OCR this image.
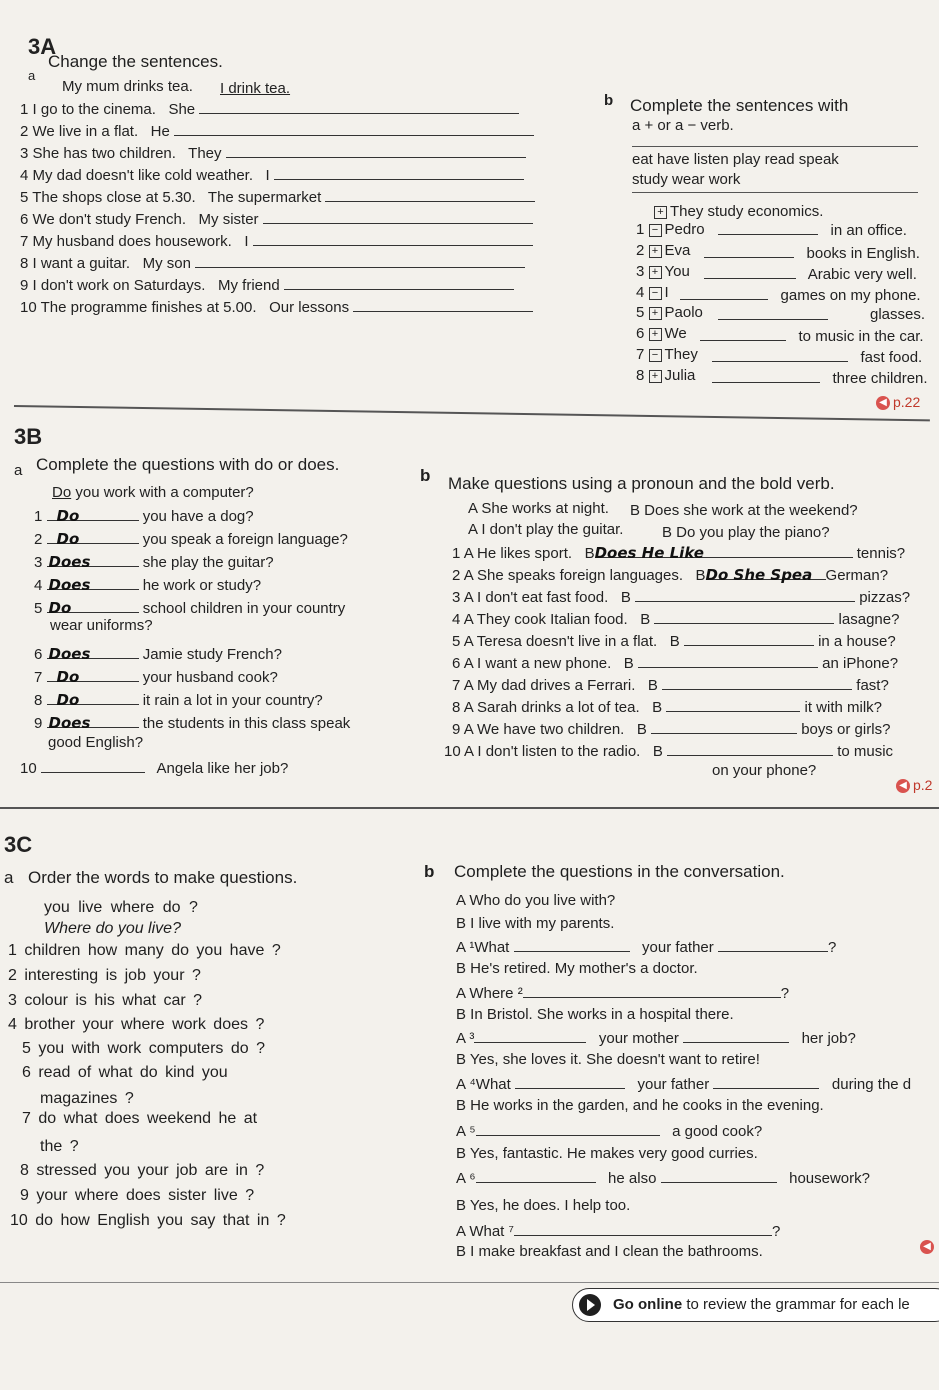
3A
a
Change the sentences.
My mum drinks tea. I drink tea.
1 I go to the cinema. She
2 We live in a flat. He
3 She has two children. They
4 My dad doesn't like cold weather. I
5 The shops close at 5.30. The supermarket
6 We don't study French. My sister
7 My husband does housework. I
8 I want a guitar. My son
9 I don't work on Saturdays. My friend
10 The programme finishes at 5.00. Our lessons
b Complete the sentences with
a + or a − verb.
eat have listen play read speak
study wear work
+ They study economics.
1 − Pedro	in an office.
2 + Eva	books in English.
3 + You	Arabic very well.
4 − I	games on my phone.
5 + Paolo	glasses.
6 + We	to music in the car.
7 − They	fast food.
8 + Julia	three children.
◀ p.22
3B
a Complete the questions with do or does.
Do you work with a computer?
1 Do	you have a dog?
2 Do	you speak a foreign language?
3 Does	she play the guitar?
4 Does	he work or study?
5 Do	school children in your country
wear uniforms?
6 Does	Jamie study French?
7 Do	your husband cook?
8 Do	it rain a lot in your country?
9 Does	the students in this class speak
good English?
10	Angela like her job?
b Make questions using a pronoun and the bold verb.
A She works at night. B Does she work at the weekend?
A I don't play the guitar.	B Do you play the piano?
1 A He likes sport.   BDoes He Like	tennis?
2 A She speaks foreign languages.   BDo She Spea German?
3 A I don't eat fast food.   B	pizzas?
4 A They cook Italian food.   B	lasagne?
5 A Teresa doesn't live in a flat.   B	in a house?
6 A I want a new phone.   B	an iPhone?
7 A My dad drives a Ferrari.   B	fast?
8 A Sarah drinks a lot of tea.   B	it with milk?
9 A We have two children.   B	boys or girls?
10 A I don't listen to the radio.   B	to music
on your phone?
◀ p.2
3C
a Order the words to make questions.
you live where do ?
Where do you live?
1 children how many do you have ?
2 interesting is job your ?
3 colour is his what car ?
4 brother your where work does ?
5 you with work computers do ?
6 read of what do kind you
magazines ?
7 do what does weekend he at
the ?
8 stressed you your job are in ?
9 your where does sister live ?
10 do how English you say that in ?
b Complete the questions in the conversation.
A Who do you live with?
B I live with my parents.
A ¹What	your father	?
B He's retired. My mother's a doctor.
A Where ²	?
B In Bristol. She works in a hospital there.
A ³	your mother	her job?
B Yes, she loves it. She doesn't want to retire!
A ⁴What	your father	during the d
B He works in the garden, and he cooks in the evening.
A ⁵	a good cook?
B Yes, fantastic. He makes very good curries.
A ⁶	he also	housework?
B Yes, he does. I help too.
A What ⁷	?
B I make breakfast and I clean the bathrooms.	◀
Go online to review the grammar for each le
